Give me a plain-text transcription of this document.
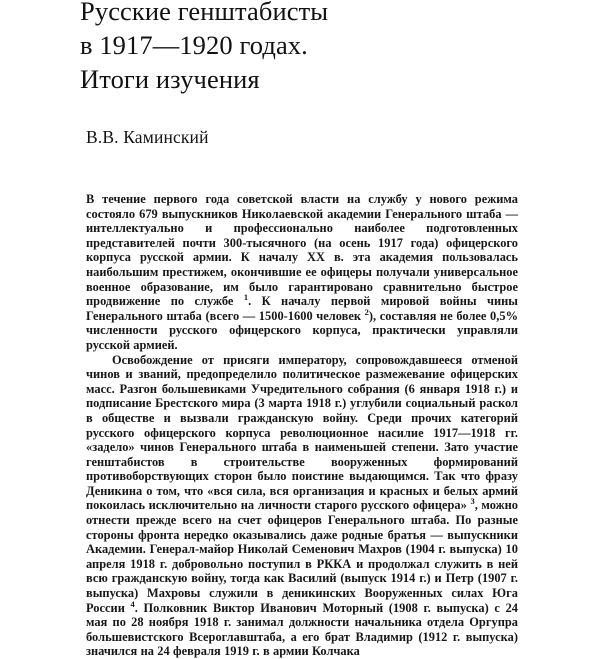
Русские генштабисты
в 1917—1920 годах.
Итоги изучения
В.В. Каминский

В течение первого года советской власти на службу у нового режима состояло 679 выпускников Николаевской академии Генерального штаба — интеллектуально и профессионально наиболее подготовленных представителей почти 300-тысячного (на осень 1917 года) офицерского корпуса русской армии. К началу XX в. эта академия пользовалась наибольшим престижем, окончившие ее офицеры получали универсальное военное образование, им было гарантировано сравнительно быстрое продвижение по службе $^1$. К началу первой мировой войны чины Генерального штаба (всего — 1500-1600 человек $^2$), составляя не более 0,5% численности русского офицерского корпуса, практически управляли русской армией.

Освобождение от присяги императору, сопровождавшееся отменой чинов и званий, предопределило политическое размежевание офицерских масс. Разгон большевиками Учредительного собрания (6 января 1918 г.) и подписание Брестского мира (3 марта 1918 г.) углубили социальный раскол в обществе и вызвали гражданскую войну. Среди прочих категорий русского офицерского корпуса революционное насилие 1917—1918 гг. «задело» чинов Генерального штаба в наименьшей степени. Зато участие генштабистов в строительстве вооруженных формирований противоборствующих сторон было поистине выдающимся. Так что фразу Деникина о том, что «вся сила, вся организация и красных и белых армий покоилась исключительно на личности старого русского офицера» $^3$, можно отнести прежде всего на счет офицеров Генерального штаба. По разные стороны фронта нередко оказывались даже родные братья — выпускники Академии. Генерал-майор Николай Семенович Махров (1904 г. выпуска) 10 апреля 1918 г. добровольно поступил в РККА и продолжал служить в ней всю гражданскую войну, тогда как Василий (выпуск 1914 г.) и Петр (1907 г. выпуска) Махровы служили в деникинских Вооруженных силах Юга России $^4$. Полковник Виктор Иванович Моторный (1908 г. выпуска) с 24 мая по 28 ноября 1918 г. занимал должности начальника отдела Оргупра большевистского Всероглавштаба, а его брат Владимир (1912 г. выпуска) значился на 24 февраля 1919 г. в армии Колчака
